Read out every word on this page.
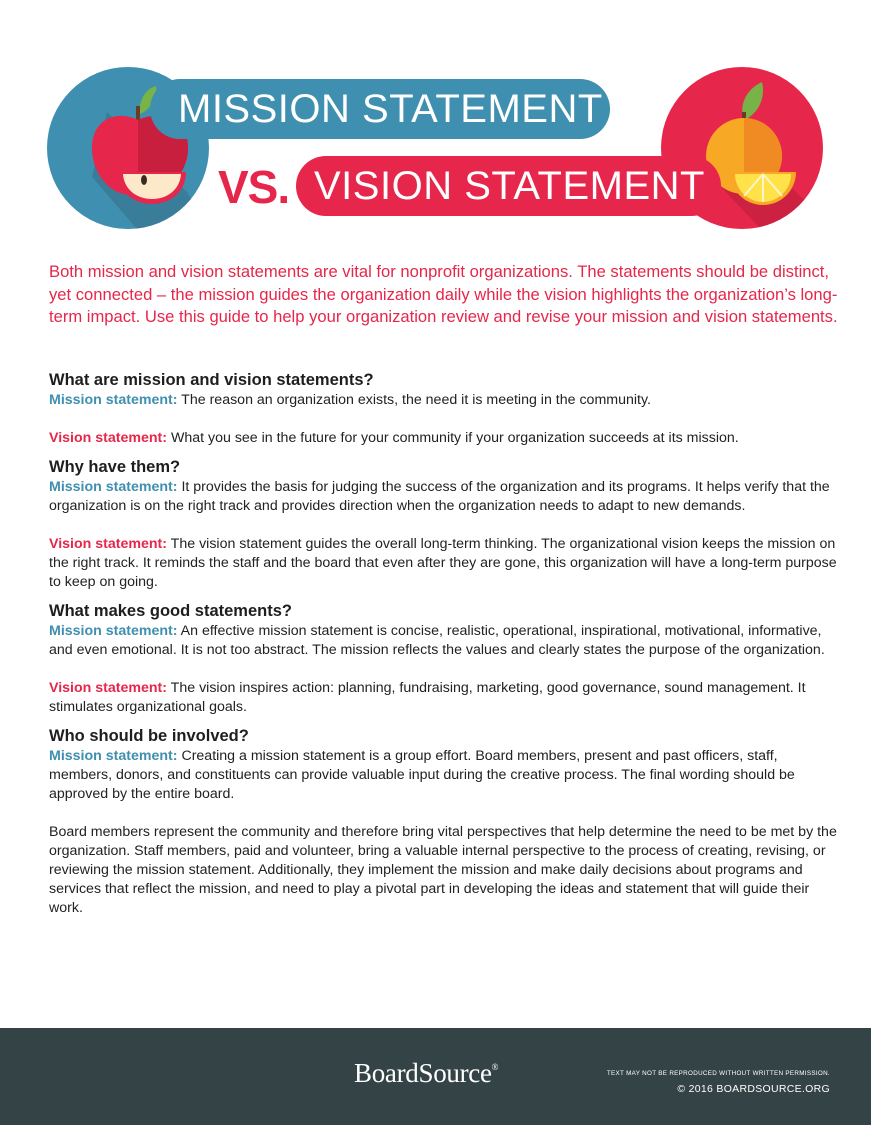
MISSION STATEMENT
VS. VISION STATEMENT

Both mission and vision statements are vital for nonprofit organizations. The statements should be distinct, yet connected – the mission guides the organization daily while the vision highlights the organization’s long-term impact. Use this guide to help your organization review and revise your mission and vision statements.

What are mission and vision statements?

Mission statement: The reason an organization exists, the need it is meeting in the community.

Vision statement: What you see in the future for your community if your organization succeeds at its mission.

Why have them?

Mission statement: It provides the basis for judging the success of the organization and its programs. It helps verify that the organization is on the right track and provides direction when the organization needs to adapt to new demands.

Vision statement: The vision statement guides the overall long-term thinking. The organizational vision keeps the mission on the right track. It reminds the staff and the board that even after they are gone, this organization will have a long-term purpose to keep on going.

What makes good statements?

Mission statement: An effective mission statement is concise, realistic, operational, inspirational, motivational, informative, and even emotional. It is not too abstract. The mission reflects the values and clearly states the purpose of the organization.

Vision statement: The vision inspires action: planning, fundraising, marketing, good governance, sound management. It stimulates organizational goals.

Who should be involved?

Mission statement: Creating a mission statement is a group effort. Board members, present and past officers, staff, members, donors, and constituents can provide valuable input during the creative process. The final wording should be approved by the entire board.

Board members represent the community and therefore bring vital perspectives that help determine the need to be met by the organization. Staff members, paid and volunteer, bring a valuable internal perspective to the process of creating, revising, or reviewing the mission statement. Additionally, they implement the mission and make daily decisions about programs and services that reflect the mission, and need to play a pivotal part in developing the ideas and statement that will guide their work.

BoardSource®
TEXT MAY NOT BE REPRODUCED WITHOUT WRITTEN PERMISSION.
© 2016 BOARDSOURCE.ORG
